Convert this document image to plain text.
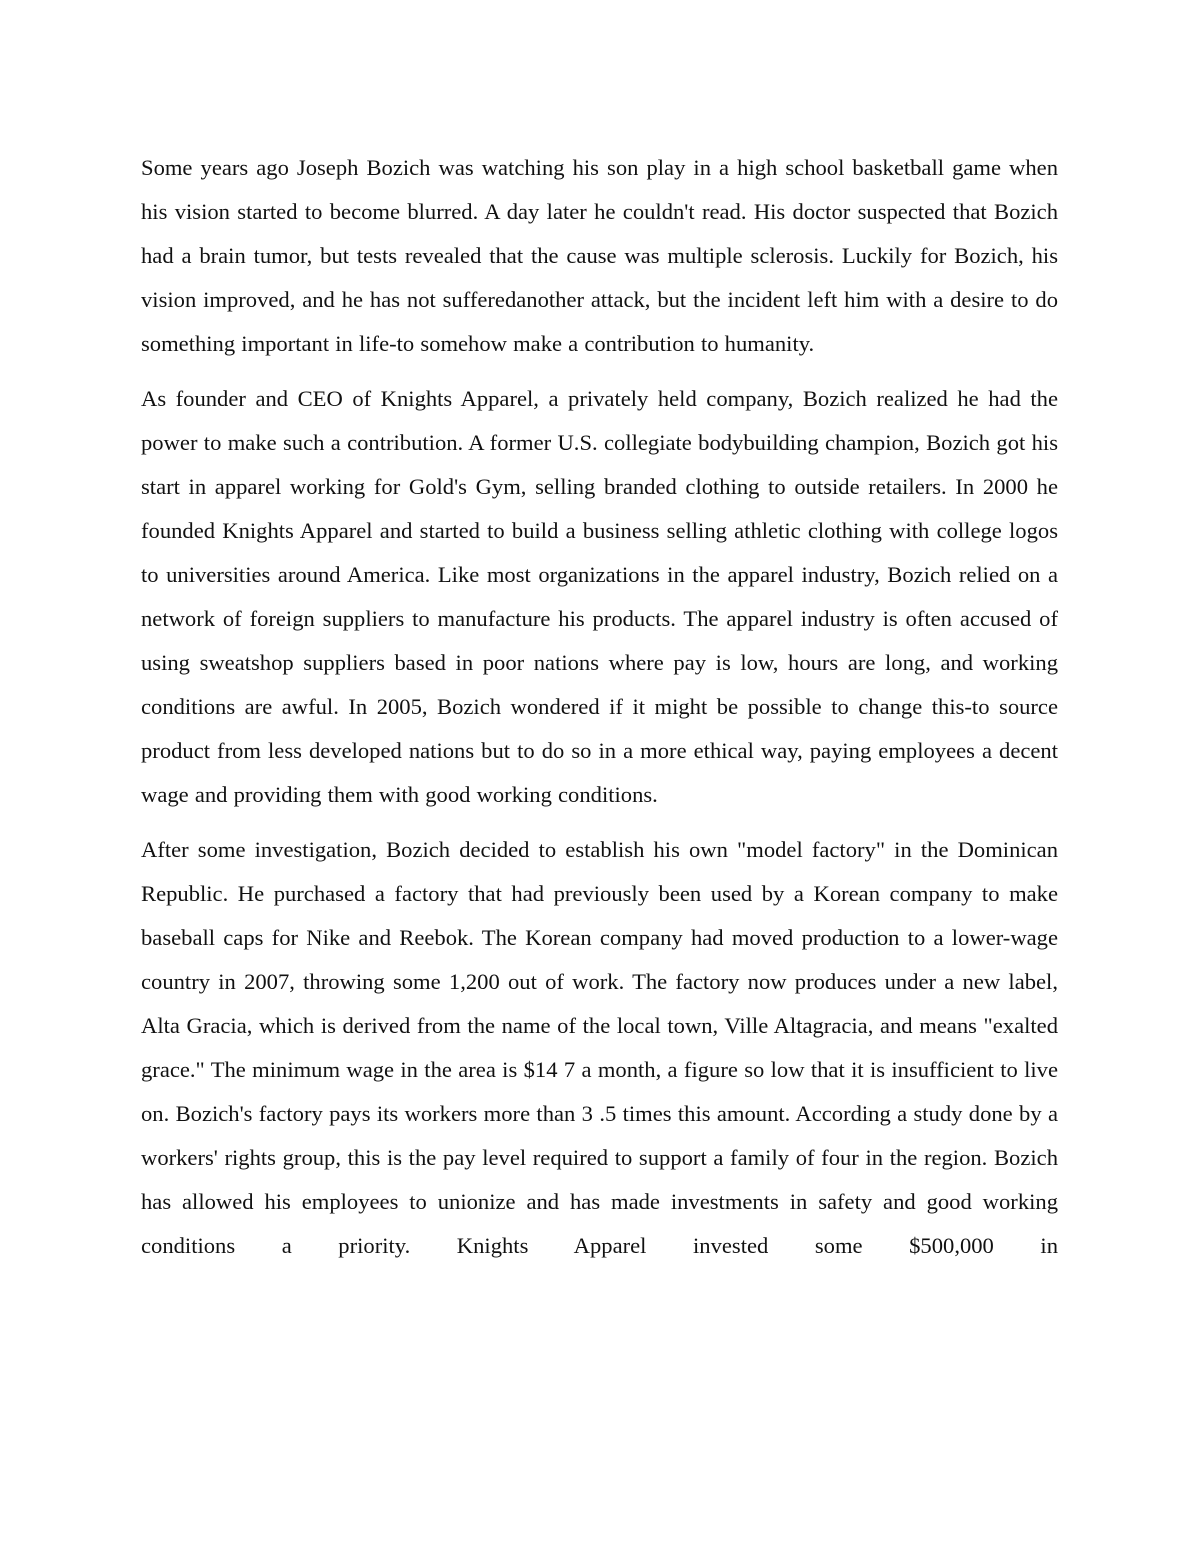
Some years ago Joseph Bozich was watching his son play in a high school basketball game when his vision started to become blurred. A day later he couldn't read. His doctor suspected that Bozich had a brain tumor, but tests revealed that the cause was multiple sclerosis. Luckily for Bozich, his vision improved, and he has not sufferedanother attack, but the incident left him with a desire to do something important in life-to somehow make a contribution to humanity.

As founder and CEO of Knights Apparel, a privately held company, Bozich realized he had the power to make such a contribution. A former U.S. collegiate bodybuilding champion, Bozich got his start in apparel working for Gold's Gym, selling branded clothing to outside retailers. In 2000 he founded Knights Apparel and started to build a business selling athletic clothing with college logos to universities around America. Like most organizations in the apparel industry, Bozich relied on a network of foreign suppliers to manufacture his products. The apparel industry is often accused of using sweatshop suppliers based in poor nations where pay is low, hours are long, and working conditions are awful. In 2005, Bozich wondered if it might be possible to change this-to source product from less developed nations but to do so in a more ethical way, paying employees a decent wage and providing them with good working conditions.

After some investigation, Bozich decided to establish his own "model factory" in the Dominican Republic. He purchased a factory that had previously been used by a Korean company to make baseball caps for Nike and Reebok. The Korean company had moved production to a lower-wage country in 2007, throwing some 1,200 out of work. The factory now produces under a new label, Alta Gracia, which is derived from the name of the local town, Ville Altagracia, and means "exalted grace." The minimum wage in the area is $14 7 a month, a figure so low that it is insufficient to live on. Bozich's factory pays its workers more than 3 .5 times this amount. According a study done by a workers' rights group, this is the pay level required to support a family of four in the region. Bozich has allowed his employees to unionize and has made investments in safety and good working conditions a priority. Knights Apparel invested some $500,000 in
